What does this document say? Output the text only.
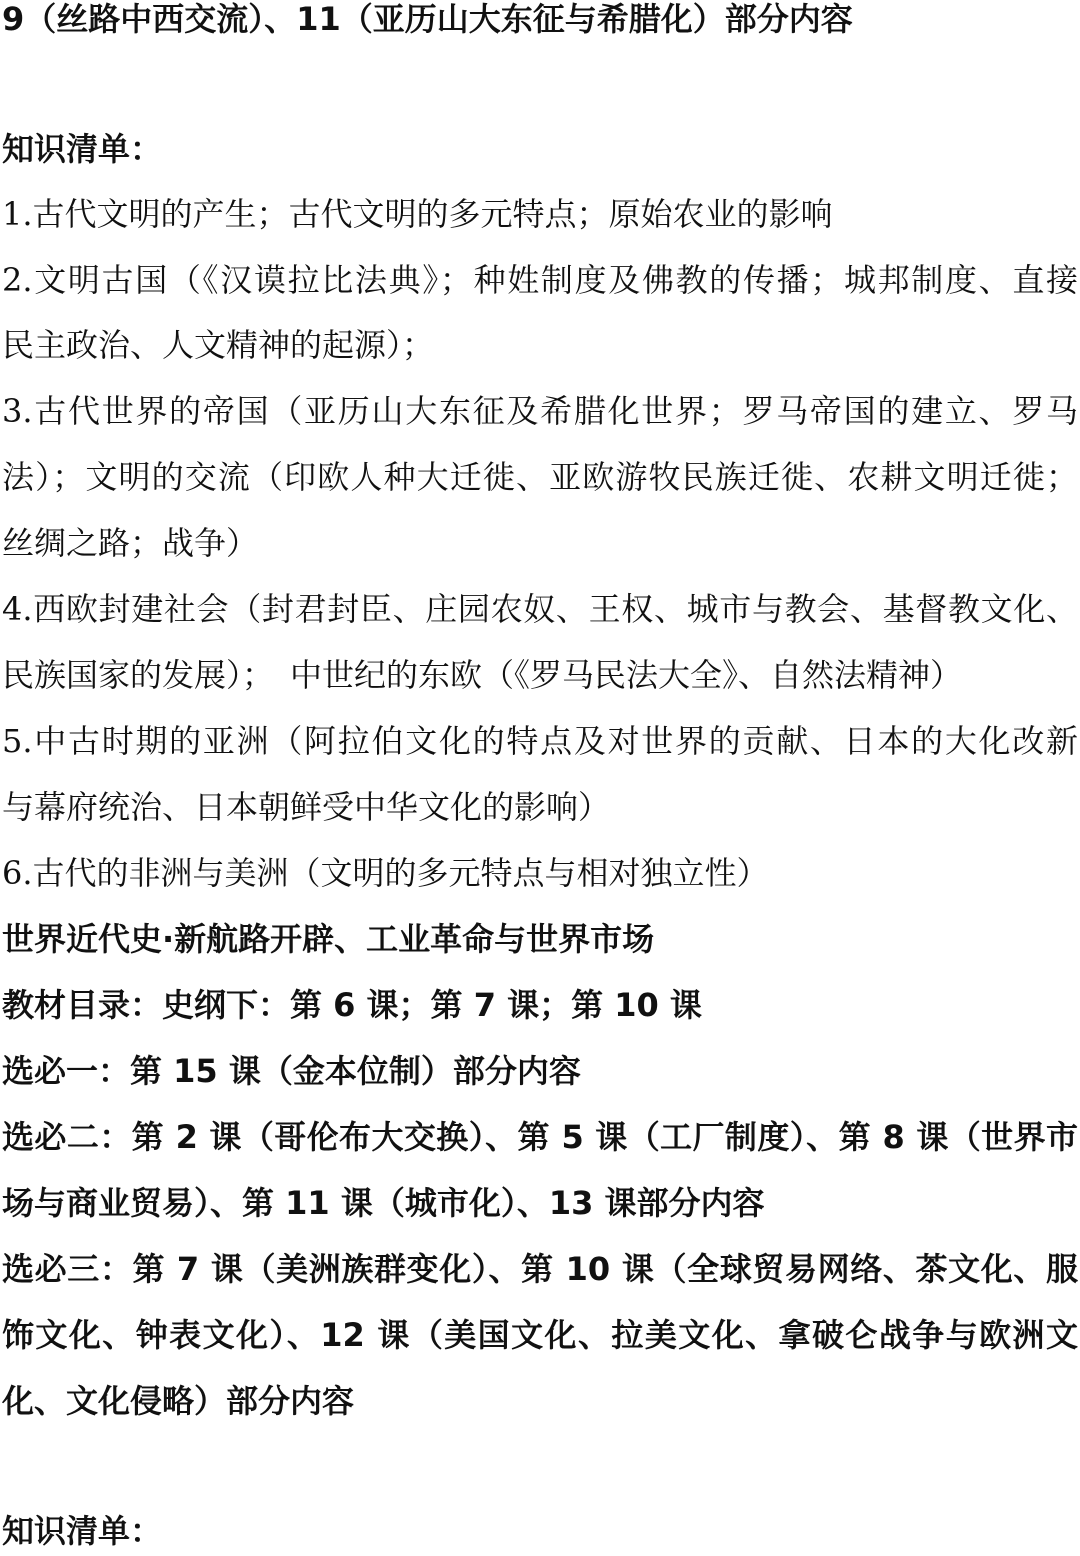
9（丝路中西交流）、11（亚历山大东征与希腊化）部分内容
知识清单：
1.古代文明的产生；古代文明的多元特点；原始农业的影响
2.文明古国（《汉谟拉比法典》；种姓制度及佛教的传播；城邦制度、直接
民主政治、人文精神的起源）；
3.古代世界的帝国（亚历山大东征及希腊化世界；罗马帝国的建立、罗马
法）；文明的交流（印欧人种大迁徙、亚欧游牧民族迁徙、农耕文明迁徙；
丝绸之路；战争）
4.西欧封建社会（封君封臣、庄园农奴、王权、城市与教会、基督教文化、
民族国家的发展）；　中世纪的东欧（《罗马民法大全》、自然法精神）
5.中古时期的亚洲（阿拉伯文化的特点及对世界的贡献、日本的大化改新
与幕府统治、日本朝鲜受中华文化的影响）
6.古代的非洲与美洲（文明的多元特点与相对独立性）
世界近代史·新航路开辟、工业革命与世界市场
教材目录：史纲下：第 6 课；第 7 课；第 10 课
选必一：第 15 课（金本位制）部分内容
选必二：第 2 课（哥伦布大交换）、第 5 课（工厂制度）、第 8 课（世界市
场与商业贸易）、第 11 课（城市化）、13 课部分内容
选必三：第 7 课（美洲族群变化）、第 10 课（全球贸易网络、茶文化、服
饰文化、钟表文化）、12 课（美国文化、拉美文化、拿破仑战争与欧洲文
化、文化侵略）部分内容
知识清单：
